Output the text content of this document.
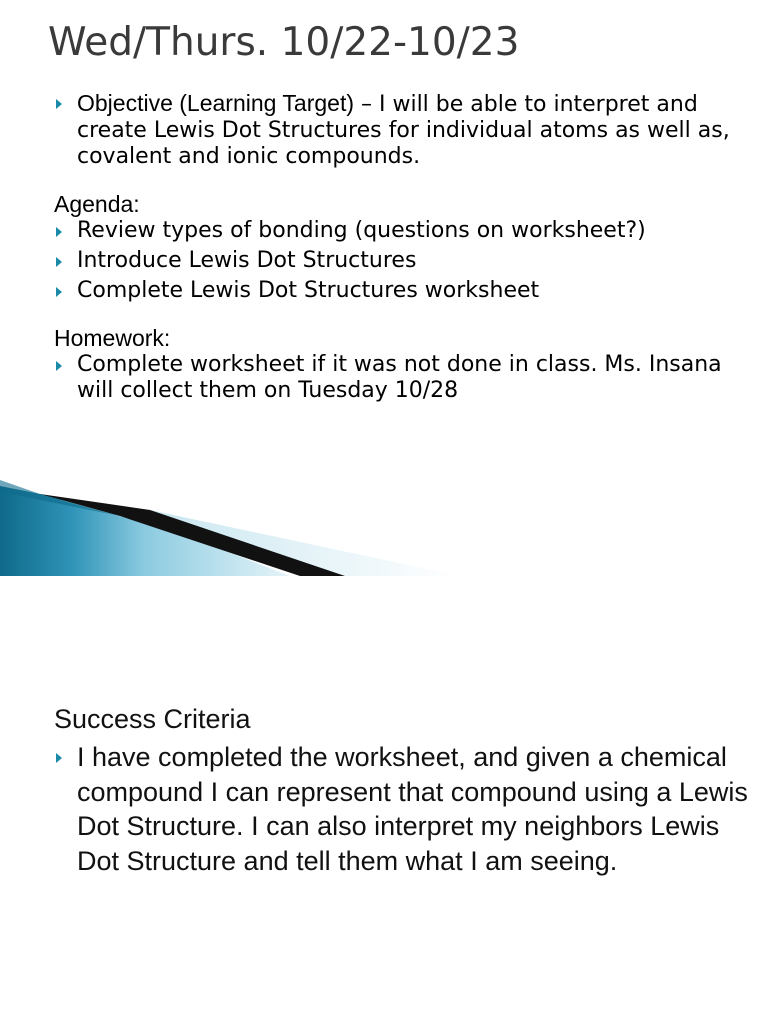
Wed/Thurs. 10/22-10/23

Objective (Learning Target) – I will be able to interpret and create Lewis Dot Structures for individual atoms as well as, covalent and ionic compounds.

Agenda:

Review types of bonding (questions on worksheet?)

Introduce Lewis Dot Structures

Complete Lewis Dot Structures worksheet

Homework:

Complete worksheet if it was not done in class. Ms. Insana will collect them on Tuesday 10/28

Success Criteria

I have completed the worksheet, and given a chemical compound I can represent that compound using a Lewis Dot Structure. I can also interpret my neighbors Lewis Dot Structure and tell them what I am seeing.
